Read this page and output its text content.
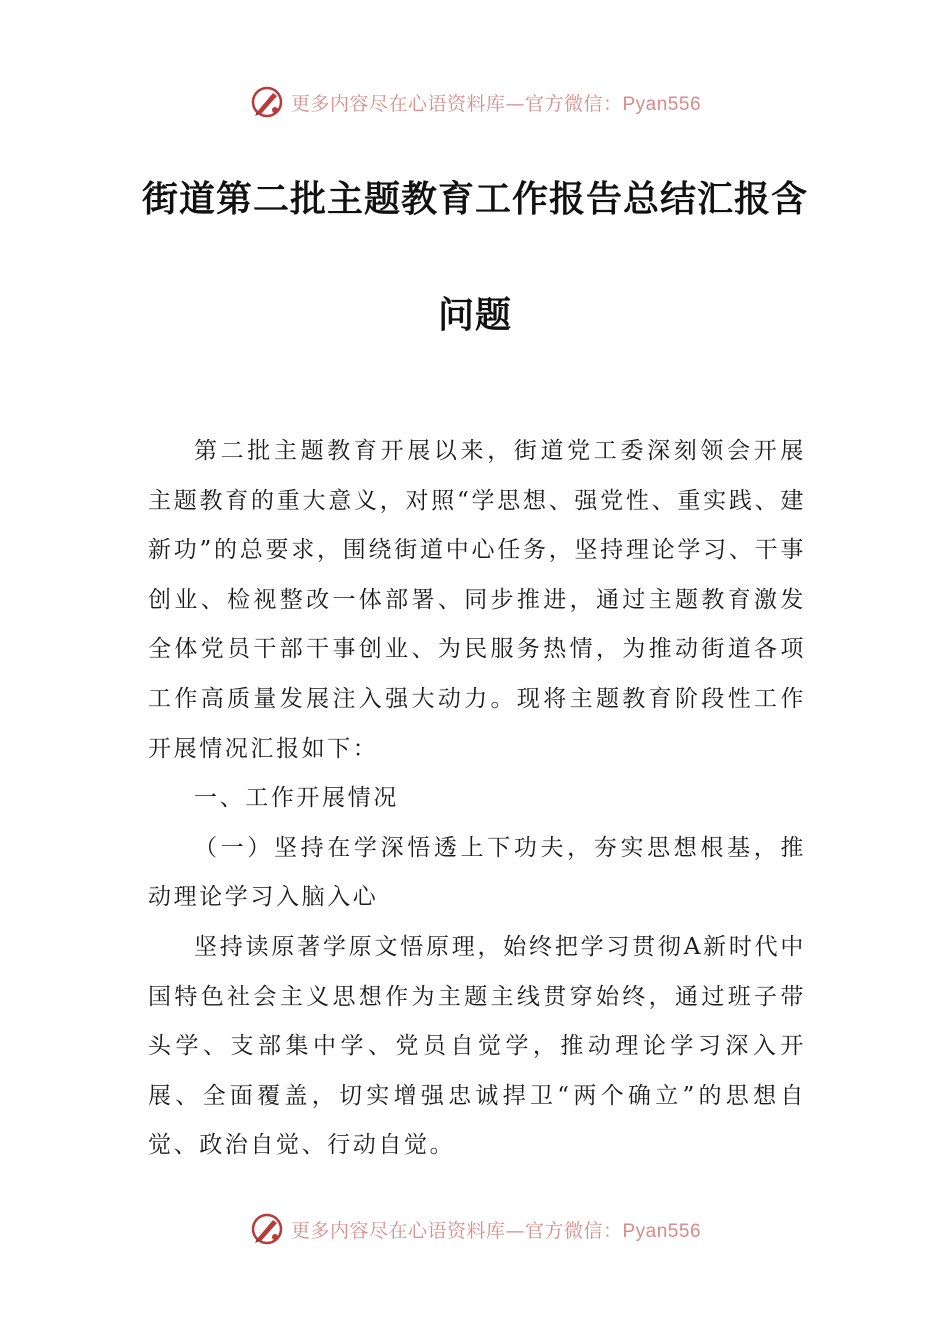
更多内容尽在心语资料库—官方微信：Pyan556
街道第二批主题教育工作报告总结汇报含
问题

第二批主题教育开展以来，街道党工委深刻领会开展主题教育的重大意义，对照“学思想、强党性、重实践、建新功”的总要求，围绕街道中心任务，坚持理论学习、干事创业、检视整改一体部署、同步推进，通过主题教育激发全体党员干部干事创业、为民服务热情，为推动街道各项工作高质量发展注入强大动力。现将主题教育阶段性工作开展情况汇报如下：

一、工作开展情况

（一）坚持在学深悟透上下功夫，夯实思想根基，推动理论学习入脑入心

坚持读原著学原文悟原理，始终把学习贯彻A新时代中国特色社会主义思想作为主题主线贯穿始终，通过班子带头学、支部集中学、党员自觉学，推动理论学习深入开展、全面覆盖，切实增强忠诚捍卫“两个确立”的思想自觉、政治自觉、行动自觉。

更多内容尽在心语资料库—官方微信：Pyan556
